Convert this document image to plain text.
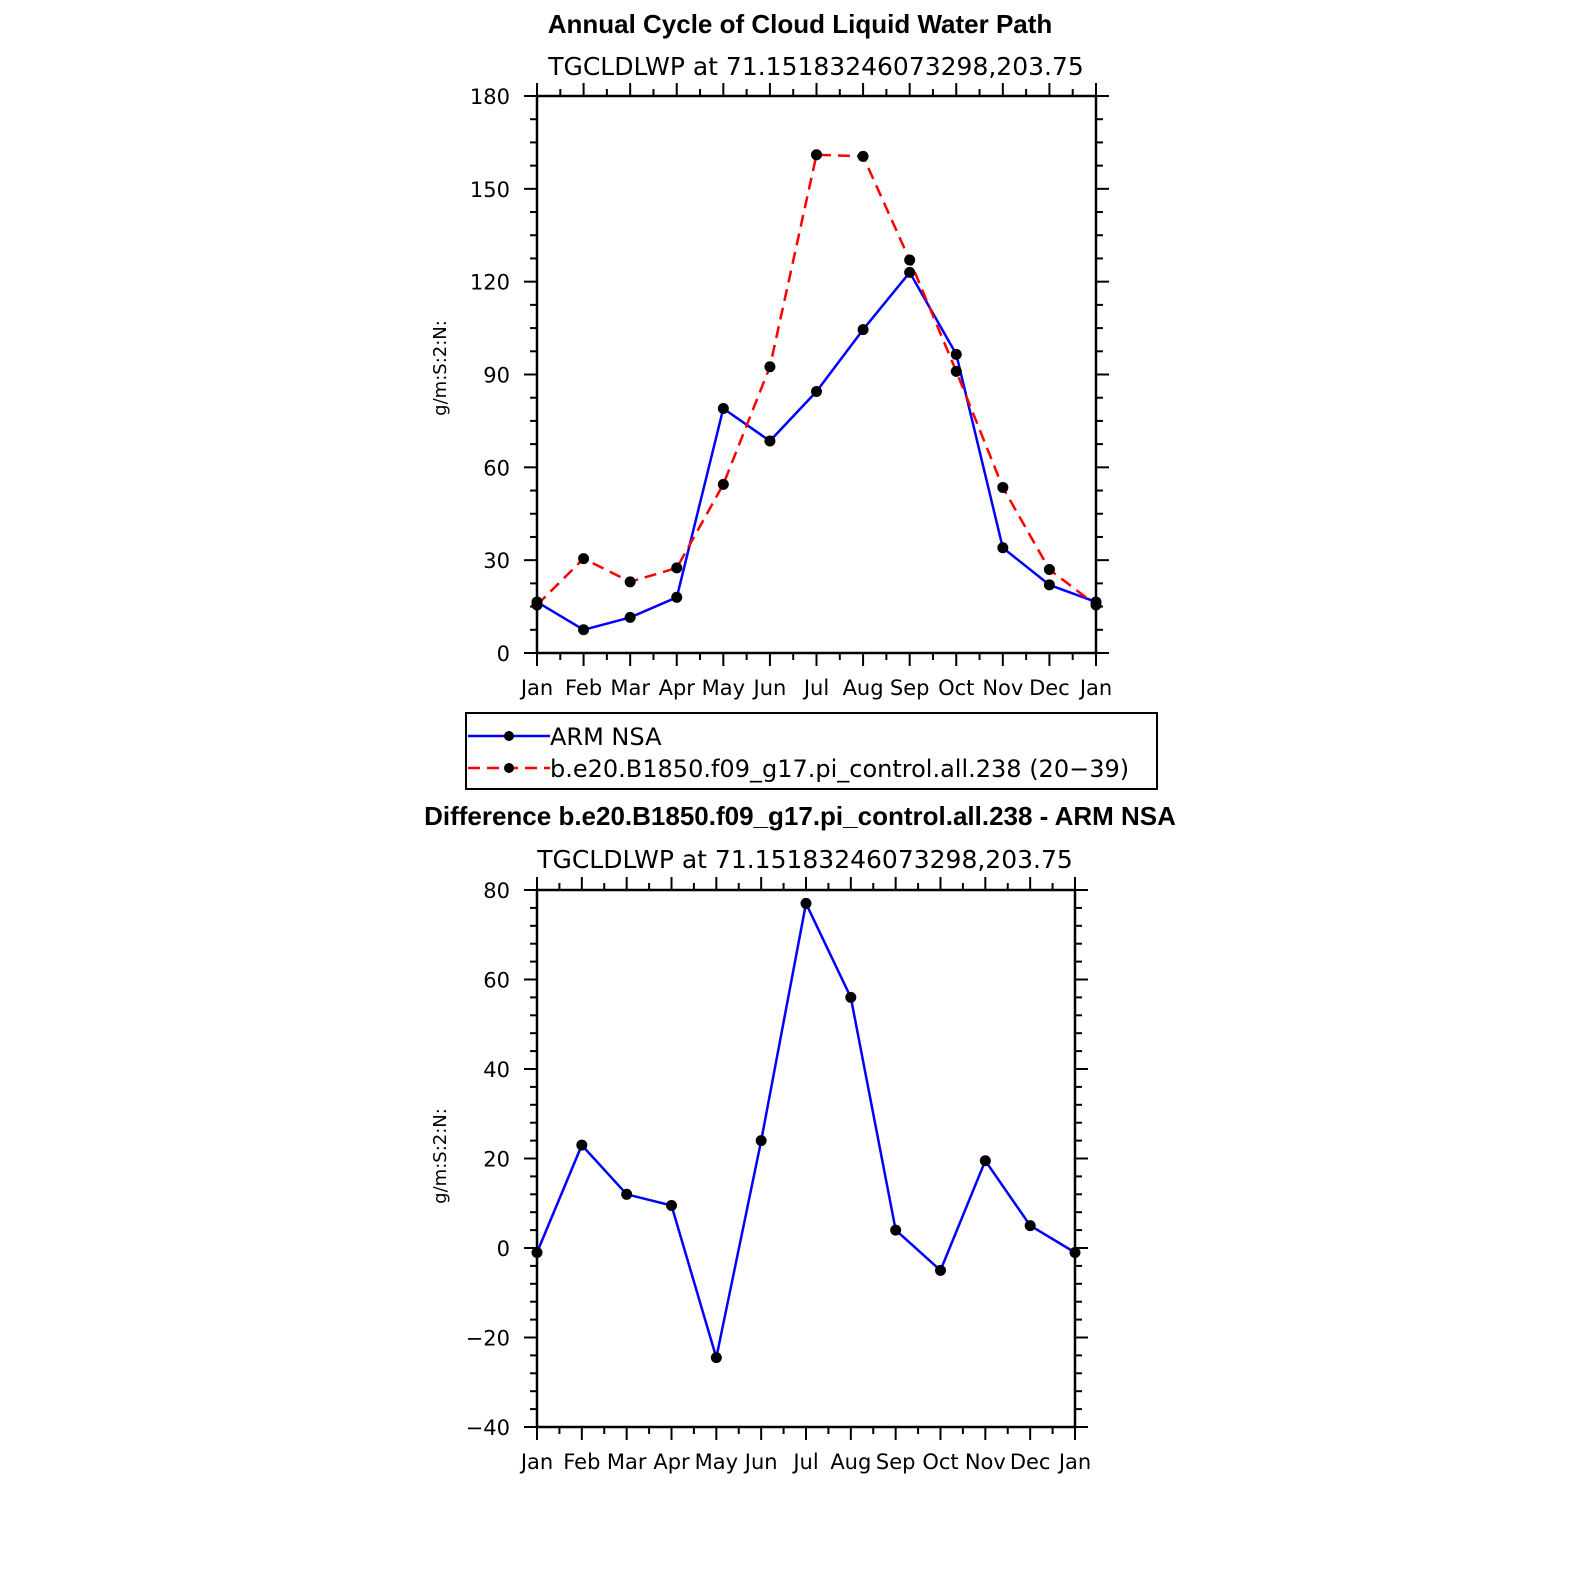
Annual Cycle of Cloud Liquid Water Path
TGCLDLWP at 71.15183246073298,203.75
g/m:S:2:N:
Jan Feb Mar Apr May Jun Jul Aug Sep Oct Nov Dec Jan
0
30
60
90
120
150
180
ARM NSA
b.e20.B1850.f09_g17.pi_control.all.238 (20−39)
Difference b.e20.B1850.f09_g17.pi_control.all.238 - ARM NSA
TGCLDLWP at 71.15183246073298,203.75
g/m:S:2:N:
Jan Feb Mar Apr May Jun Jul Aug Sep Oct Nov Dec Jan
−40
−20
0
20
40
60
80
